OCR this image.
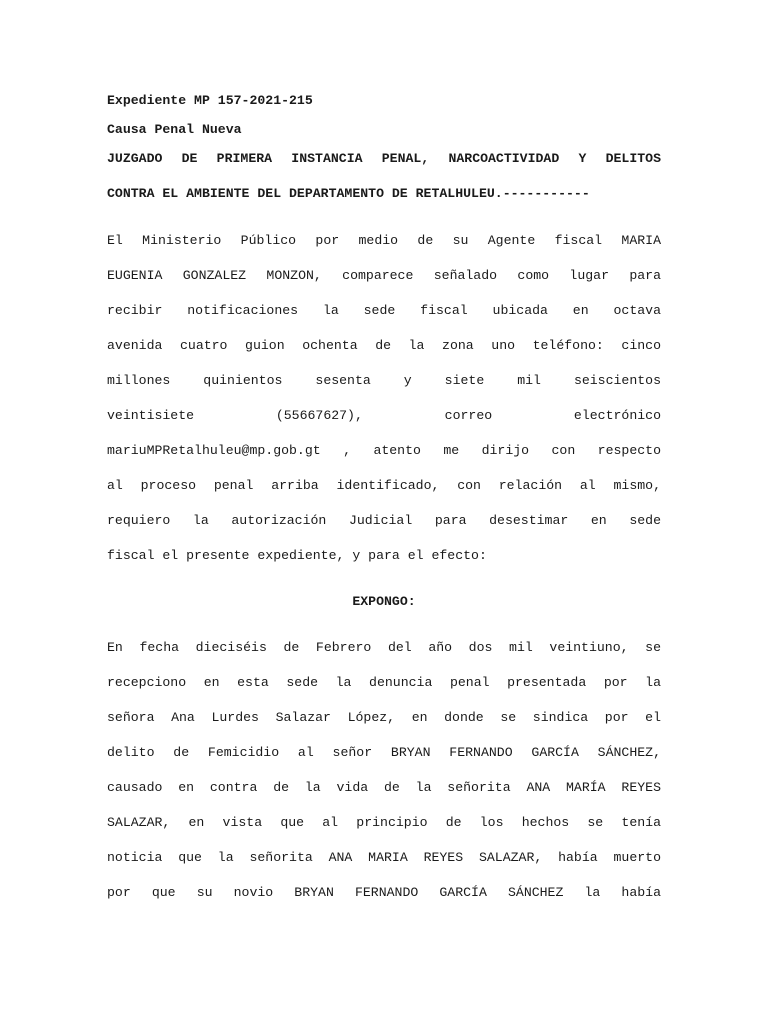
Expediente MP 157-2021-215
Causa Penal Nueva
JUZGADO DE PRIMERA INSTANCIA PENAL, NARCOACTIVIDAD Y DELITOS
CONTRA EL AMBIENTE DEL DEPARTAMENTO DE RETALHULEU.-----------
El Ministerio Público por medio de su Agente fiscal MARIA
EUGENIA GONZALEZ MONZON, comparece señalado como lugar para
recibir notificaciones la sede fiscal ubicada en octava
avenida cuatro guion ochenta de la zona uno teléfono: cinco
millones quinientos sesenta y siete mil seiscientos
veintisiete (55667627), correo electrónico
mariuMPRetalhuleu@mp.gob.gt , atento me dirijo con respecto
al proceso penal arriba identificado, con relación al mismo,
requiero la autorización Judicial para desestimar en sede
fiscal el presente expediente, y para el efecto:
EXPONGO:
En fecha dieciséis de Febrero del año dos mil veintiuno, se
recepciono en esta sede la denuncia penal presentada por la
señora Ana Lurdes Salazar López, en donde se sindica por el
delito de Femicidio al señor BRYAN FERNANDO GARCÍA SÁNCHEZ,
causado en contra de la vida de la señorita ANA MARÍA REYES
SALAZAR, en vista que al principio de los hechos se tenía
noticia que la señorita ANA MARIA REYES SALAZAR, había muerto
por que su novio BRYAN FERNANDO GARCÍA SÁNCHEZ la había
